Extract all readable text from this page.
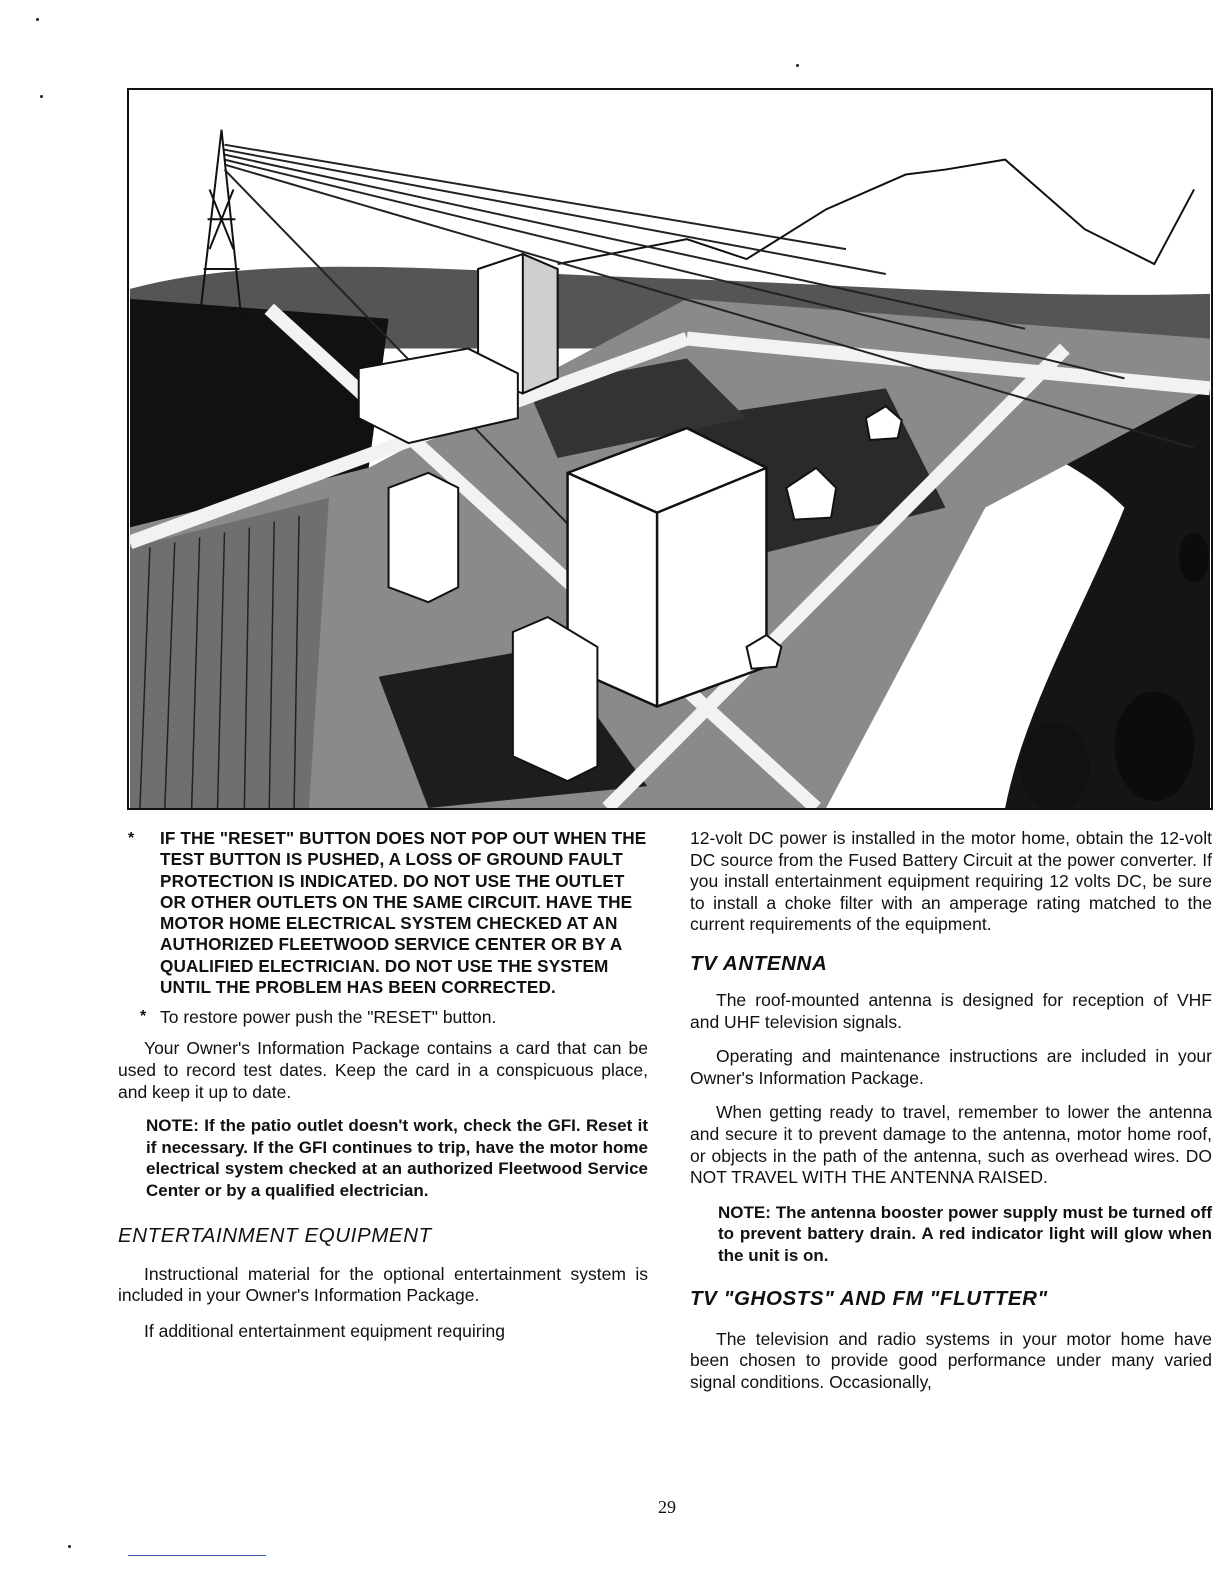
* IF THE "RESET" BUTTON DOES NOT POP OUT WHEN THE TEST BUTTON IS PUSHED, A LOSS OF GROUND FAULT PROTECTION IS INDICATED. DO NOT USE THE OUTLET OR OTHER OUTLETS ON THE SAME CIRCUIT. HAVE THE MOTOR HOME ELECTRICAL SYSTEM CHECKED AT AN AUTHORIZED FLEETWOOD SERVICE CENTER OR BY A QUALIFIED ELECTRICIAN. DO NOT USE THE SYSTEM UNTIL THE PROBLEM HAS BEEN CORRECTED.

* To restore power push the "RESET" button.

Your Owner's Information Package contains a card that can be used to record test dates. Keep the card in a conspicuous place, and keep it up to date.

NOTE: If the patio outlet doesn't work, check the GFI. Reset it if necessary. If the GFI continues to trip, have the motor home electrical system checked at an authorized Fleetwood Service Center or by a qualified electrician.

ENTERTAINMENT EQUIPMENT

Instructional material for the optional entertainment system is included in your Owner's Information Package.

If additional entertainment equipment requiring

12-volt DC power is installed in the motor home, obtain the 12-volt DC source from the Fused Battery Circuit at the power converter. If you install entertainment equipment requiring 12 volts DC, be sure to install a choke filter with an amperage rating matched to the current requirements of the equipment.

TV ANTENNA

The roof-mounted antenna is designed for reception of VHF and UHF television signals.

Operating and maintenance instructions are included in your Owner's Information Package.

When getting ready to travel, remember to lower the antenna and secure it to prevent damage to the antenna, motor home roof, or objects in the path of the antenna, such as overhead wires. DO NOT TRAVEL WITH THE ANTENNA RAISED.

NOTE: The antenna booster power supply must be turned off to prevent battery drain. A red indicator light will glow when the unit is on.

TV "GHOSTS" AND FM "FLUTTER"

The television and radio systems in your motor home have been chosen to provide good performance under many varied signal conditions. Occasionally,

29
